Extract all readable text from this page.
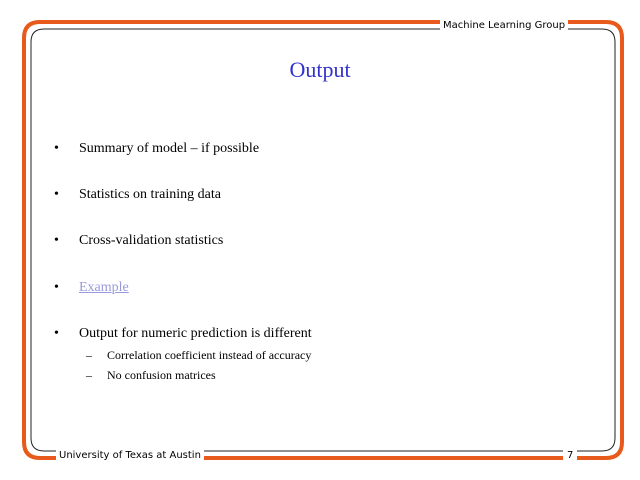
Machine Learning Group
Output
•	Summary of model – if possible
•	Statistics on training data
•	Cross-validation statistics
•	Example
•	Output for numeric prediction is different
–	Correlation coefficient instead of accuracy
–	No confusion matrices
University of Texas at Austin	7
